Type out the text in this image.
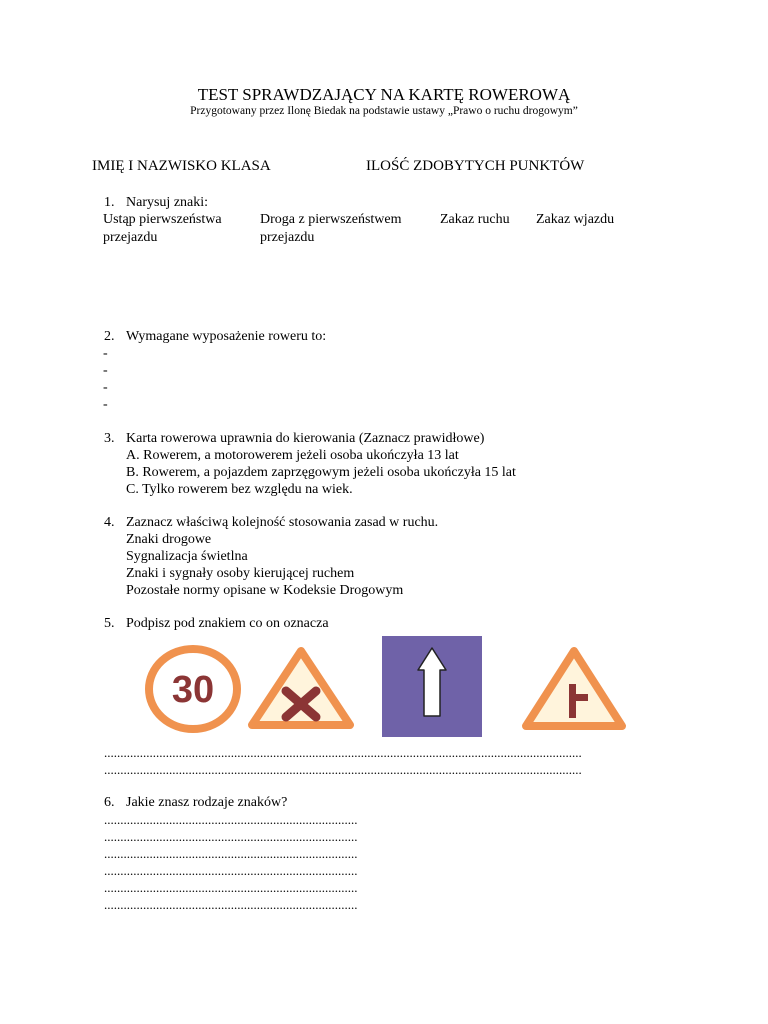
TEST SPRAWDZAJĄCY NA KARTĘ ROWEROWĄ
Przygotowany przez Ilonę Biedak na podstawie ustawy „Prawo o ruchu drogowym”
IMIĘ I NAZWISKO KLASA	ILOŚĆ ZDOBYTYCH PUNKTÓW
1. Narysuj znaki:
Ustąp pierwszeństwa
przejazdu
Droga z pierwszeństwem
przejazdu
Zakaz ruchu Zakaz wjazdu
2. Wymagane wyposażenie roweru to:
-
-
-
-
3. Karta rowerowa uprawnia do kierowania (Zaznacz prawidłowe)
A. Rowerem, a motorowerem jeżeli osoba ukończyła 13 lat
B. Rowerem, a pojazdem zaprzęgowym jeżeli osoba ukończyła 15 lat
C. Tylko rowerem bez względu na wiek.
4. Zaznacz właściwą kolejność stosowania zasad w ruchu.
Znaki drogowe
Sygnalizacja świetlna
Znaki i sygnały osoby kierującej ruchem
Pozostałe normy opisane w Kodeksie Drogowym
5. Podpisz pod znakiem co on oznacza
30
...................................................................................................................................................
...................................................................................................................................................
6. Jakie znasz rodzaje znaków?
..............................................................................
..............................................................................
..............................................................................
..............................................................................
..............................................................................
..............................................................................
